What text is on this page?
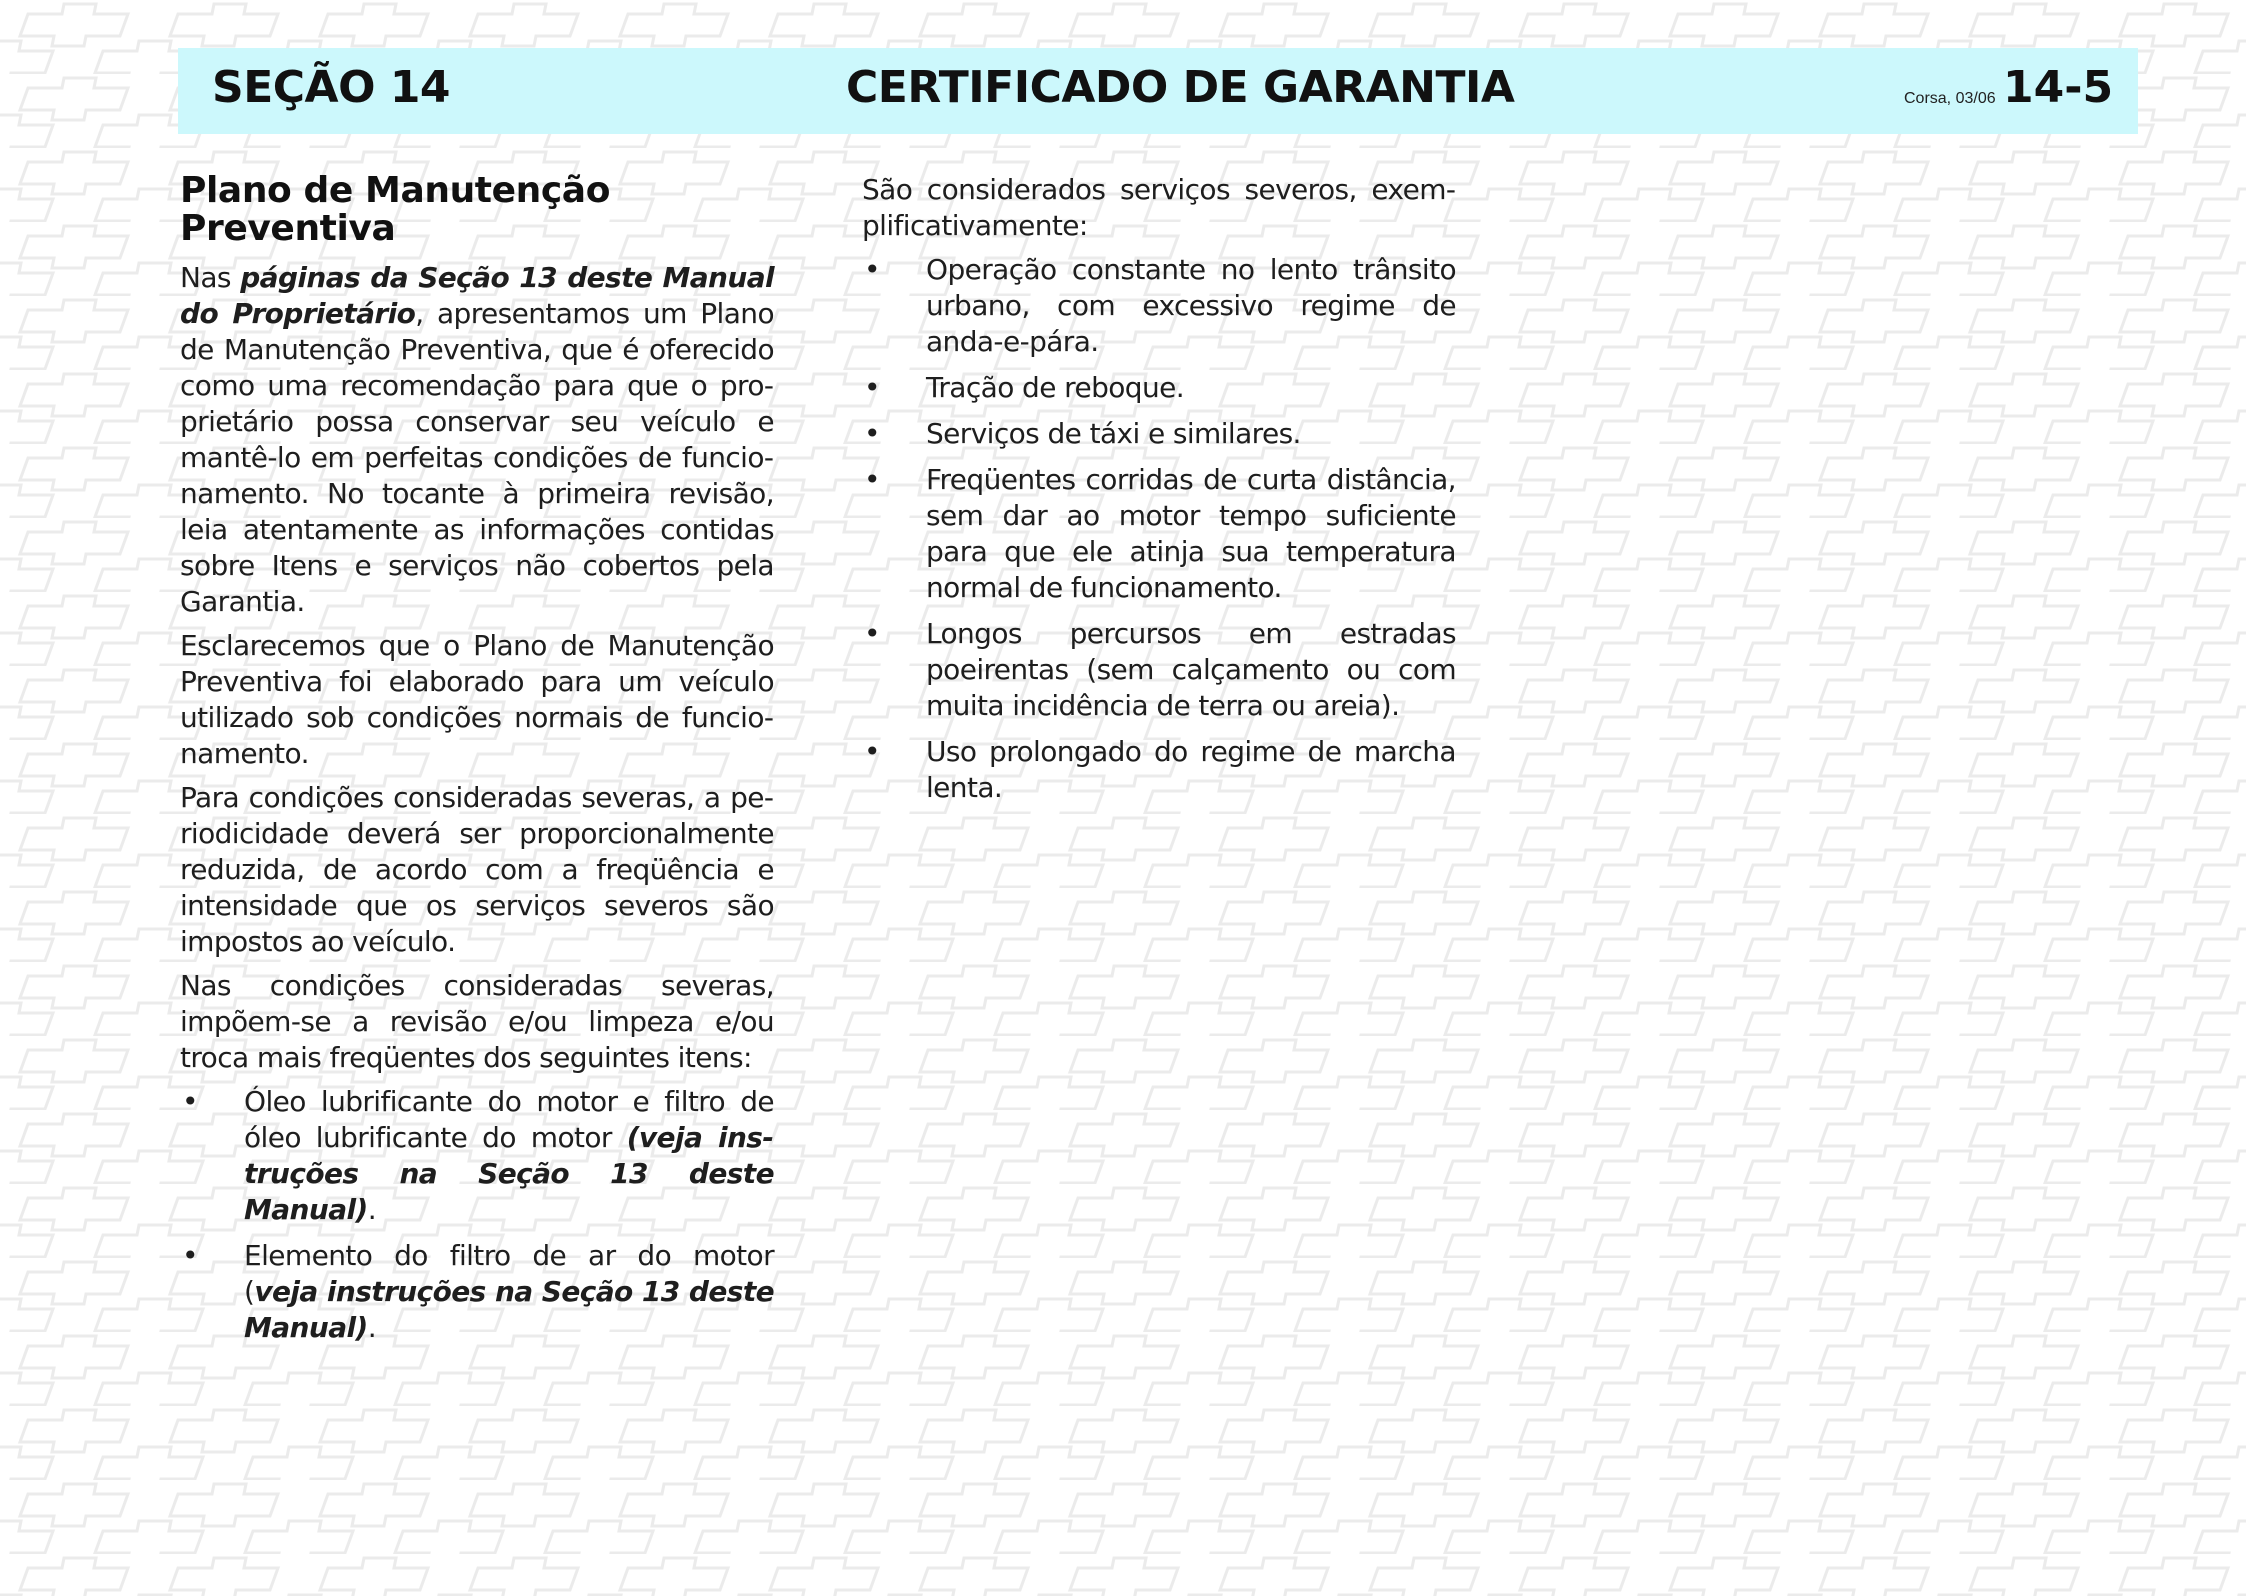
SEÇÃO 14	CERTIFICADO DE GARANTIA	Corsa, 03/06 14-5
Plano de Manutenção
Preventiva

Nas páginas da Seção 13 deste Manual do Proprietário, apresentamos um Plano de Manutenção Preventiva, que é oferecido como uma recomendação para que o proprietário possa conservar seu veículo e mantê-lo em perfeitas condições de funcionamento. No tocante à primeira revisão, leia atentamente as informações contidas sobre Itens e serviços não cobertos pela Garantia.

Esclarecemos que o Plano de Manutenção Preventiva foi elaborado para um veículo utilizado sob condições normais de funcionamento.

Para condições consideradas severas, a periodicidade deverá ser proporcionalmente reduzida, de acordo com a freqüência e intensidade que os serviços severos são impostos ao veículo.

Nas condições consideradas severas, impõem-se a revisão e/ou limpeza e/ou troca mais freqüentes dos seguintes itens:

• Óleo lubrificante do motor e filtro de óleo lubrificante do motor (veja instruções na Seção 13 deste Manual).
• Elemento do filtro de ar do motor (veja instruções na Seção 13 deste Manual).

São considerados serviços severos, exemplificativamente:

• Operação constante no lento trânsito urbano, com excessivo regime de anda-e-pára.
• Tração de reboque.
• Serviços de táxi e similares.
• Freqüentes corridas de curta distância, sem dar ao motor tempo suficiente para que ele atinja sua temperatura normal de funcionamento.
• Longos percursos em estradas poeirentas (sem calçamento ou com muita incidência de terra ou areia).
• Uso prolongado do regime de marcha lenta.
